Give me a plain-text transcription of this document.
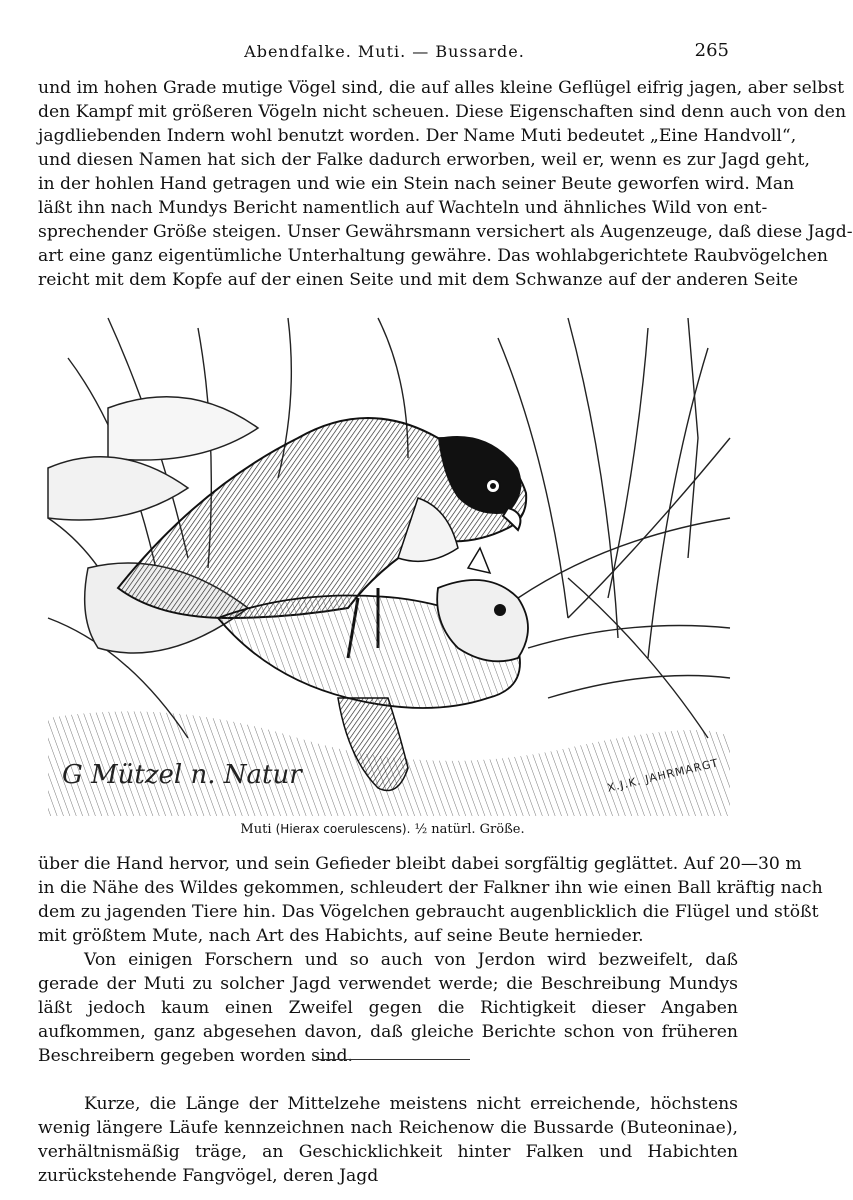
Abendfalke. Muti. — Bussarde.	265
und im hohen Grade mutige Vögel sind, die auf alles kleine Geflügel eifrig jagen, aber selbst
den Kampf mit größeren Vögeln nicht scheuen. Diese Eigenschaften sind denn auch von den
jagdliebenden Indern wohl benutzt worden. Der Name Muti bedeutet „Eine Handvoll“,
und diesen Namen hat sich der Falke dadurch erworben, weil er, wenn es zur Jagd geht,
in der hohlen Hand getragen und wie ein Stein nach seiner Beute geworfen wird. Man
läßt ihn nach Mundys Bericht namentlich auf Wachteln und ähnliches Wild von ent-
sprechender Größe steigen. Unser Gewährsmann versichert als Augenzeuge, daß diese Jagd-
art eine ganz eigentümliche Unterhaltung gewähre. Das wohlabgerichtete Raubvögelchen
reicht mit dem Kopfe auf der einen Seite und mit dem Schwanze auf der anderen Seite
G Mützel n. Natur	X.J.K. JAHRMARGT
Muti (Hierax coerulescens). ½ natürl. Größe.
über die Hand hervor, und sein Gefieder bleibt dabei sorgfältig geglättet. Auf 20—30 m
in die Nähe des Wildes gekommen, schleudert der Falkner ihn wie einen Ball kräftig nach
dem zu jagenden Tiere hin. Das Vögelchen gebraucht augenblicklich die Flügel und stößt
mit größtem Mute, nach Art des Habichts, auf seine Beute hernieder.

Von einigen Forschern und so auch von Jerdon wird bezweifelt, daß gerade der Muti zu solcher Jagd verwendet werde; die Beschreibung Mundys läßt jedoch kaum einen Zweifel gegen die Richtigkeit dieser Angaben aufkommen, ganz abgesehen davon, daß gleiche Berichte schon von früheren Beschreibern gegeben worden sind.

Kurze, die Länge der Mittelzehe meistens nicht erreichende, höchstens wenig längere Läufe kennzeichnen nach Reichenow die Bussarde (Buteoninae), verhältnismäßig träge, an Geschicklichkeit hinter Falken und Habichten zurückstehende Fangvögel, deren Jagd
